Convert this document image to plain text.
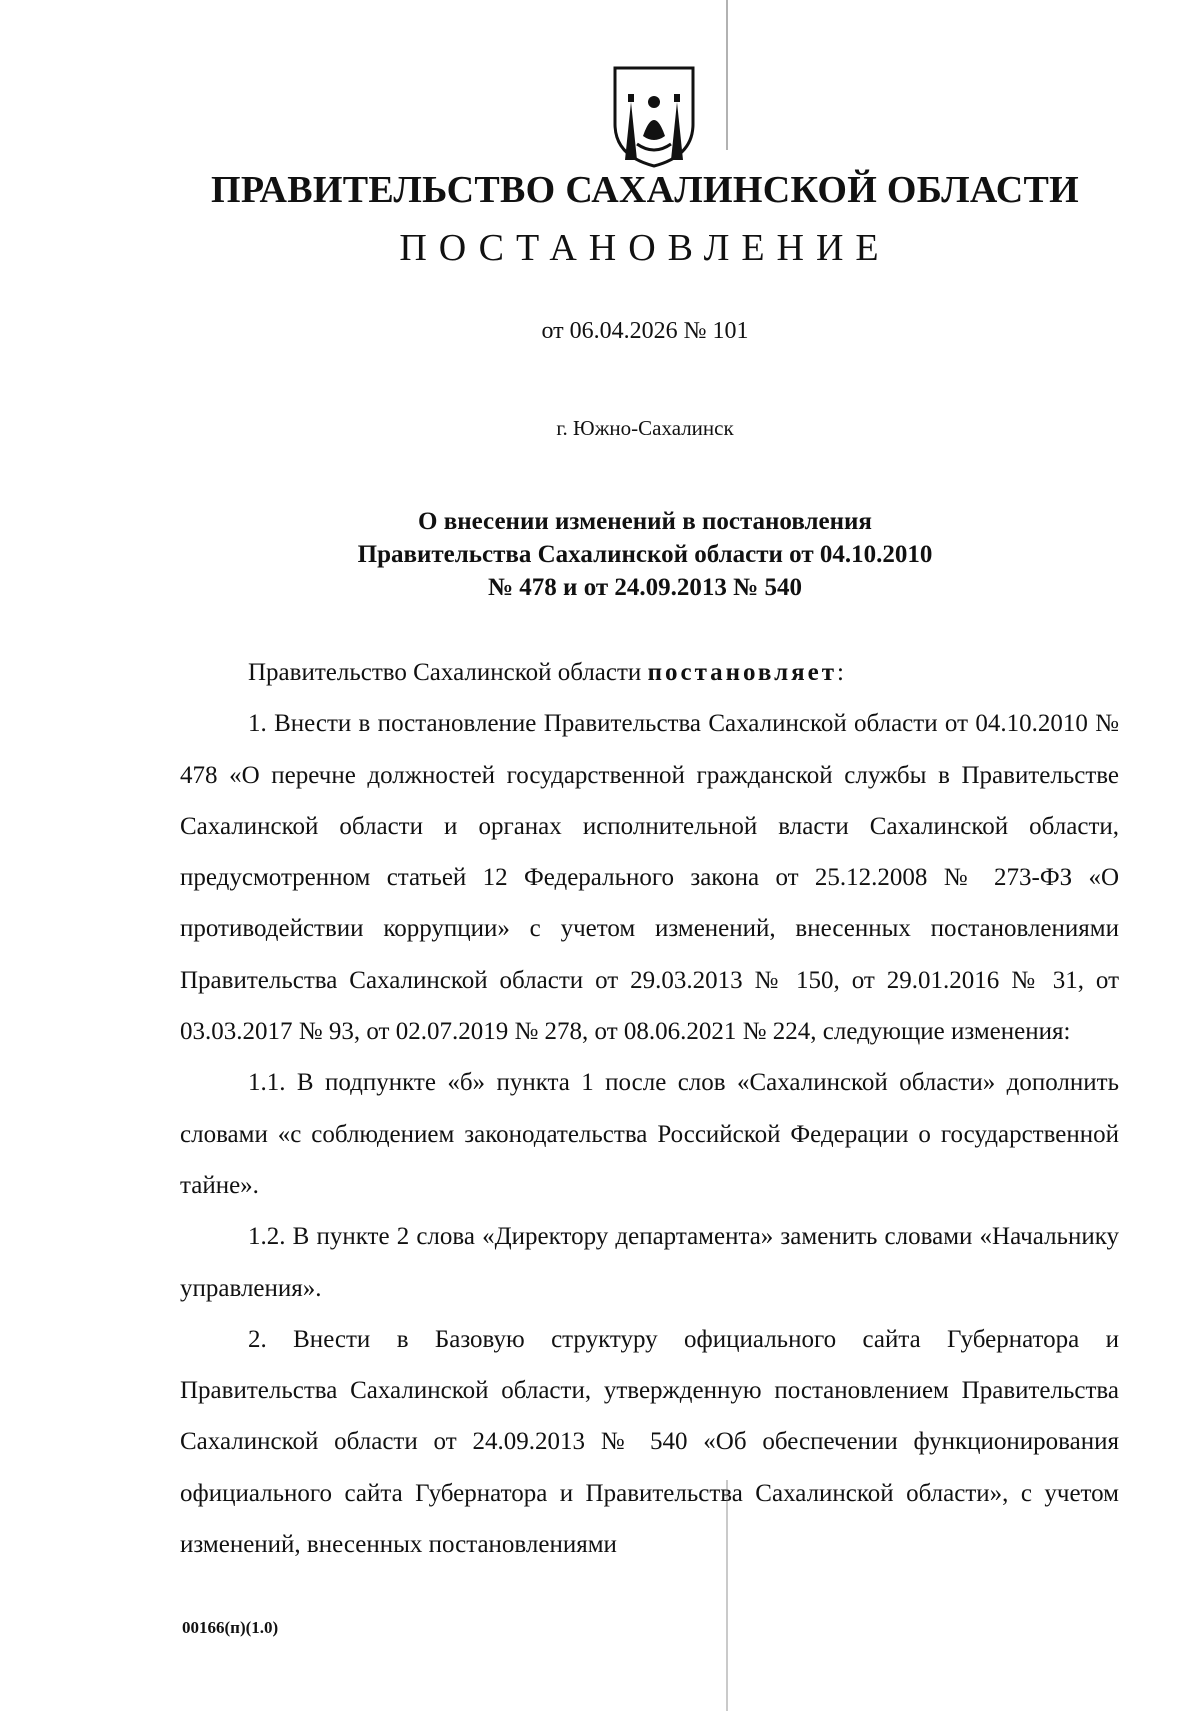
ПРАВИТЕЛЬСТВО САХАЛИНСКОЙ ОБЛАСТИ
ПОСТАНОВЛЕНИЕ
от 06.04.2026 № 101
г. Южно-Сахалинск
О внесении изменений в постановления
Правительства Сахалинской области от 04.10.2010
№ 478 и от 24.09.2013 № 540

Правительство Сахалинской области постановляет:

1. Внести в постановление Правительства Сахалинской области от 04.10.2010 № 478 «О перечне должностей государственной гражданской службы в Правительстве Сахалинской области и органах исполнительной власти Сахалинской области, предусмотренном статьей 12 Федерального закона от 25.12.2008 № 273-ФЗ «О противодействии коррупции» с учетом изменений, внесенных постановлениями Правительства Сахалинской области от 29.03.2013 № 150, от 29.01.2016 № 31, от 03.03.2017 № 93, от 02.07.2019 № 278, от 08.06.2021 № 224, следующие изменения:

1.1. В подпункте «б» пункта 1 после слов «Сахалинской области» дополнить словами «с соблюдением законодательства Российской Федерации о государственной тайне».

1.2. В пункте 2 слова «Директору департамента» заменить словами «Начальнику управления».

2. Внести в Базовую структуру официального сайта Губернатора и Правительства Сахалинской области, утвержденную постановлением Правительства Сахалинской области от 24.09.2013 № 540 «Об обеспечении функционирования официального сайта Губернатора и Правительства Сахалинской области», с учетом изменений, внесенных постановлениями

00166(п)(1.0)
